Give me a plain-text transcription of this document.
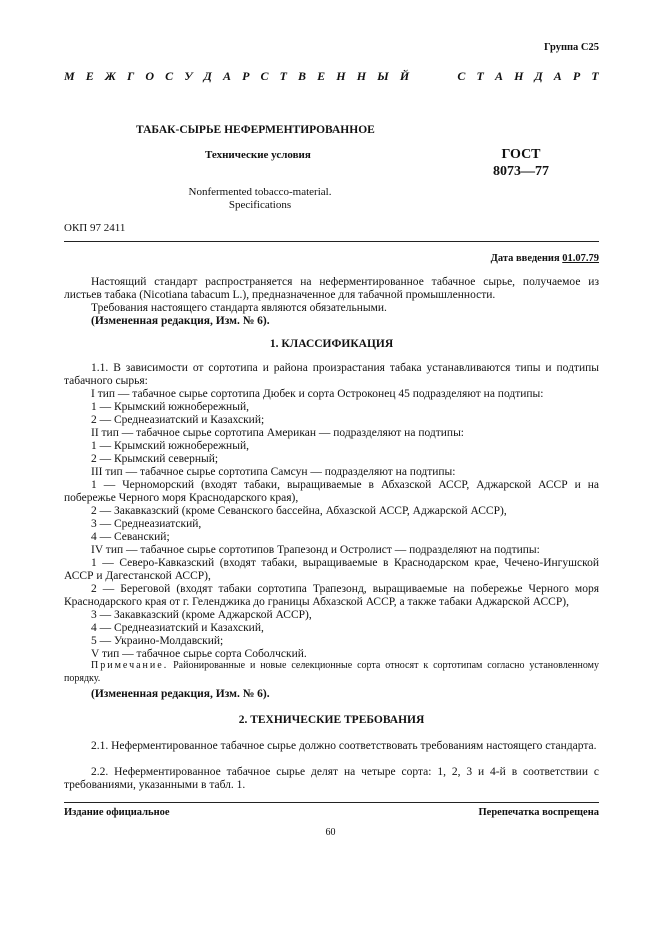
Группа С25
М Е Ж Г О С У Д А Р С Т В Е Н Н Ы Й	С Т А Н Д А Р Т
ТАБАК-СЫРЬЕ НЕФЕРМЕНТИРОВАННОЕ
Технические условия	ГОСТ
8073—77
Nonfermented tobacco-material.
Specifications
ОКП 97 2411
Дата введения 01.07.79
Настоящий стандарт распространяется на неферментированное табачное сырье, получаемое из листьев табака (Nicotiana tabacum L.), предназначенное для табачной промышленности.
Требования настоящего стандарта являются обязательными.
(Измененная редакция, Изм. № 6).
1. КЛАССИФИКАЦИЯ
1.1. В зависимости от сортотипа и района произрастания табака устанавливаются типы и подтипы табачного сырья:
I тип — табачное сырье сортотипа Дюбек и сорта Остроконец 45 подразделяют на подтипы:
1 — Крымский южнобережный,
2 — Среднеазиатский и Казахский;
II тип — табачное сырье сортотипа Американ — подразделяют на подтипы:
1 — Крымский южнобережный,
2 — Крымский северный;
III тип — табачное сырье сортотипа Самсун — подразделяют на подтипы:
1 — Черноморский (входят табаки, выращиваемые в Абхазской АССР, Аджарской АССР и на побережье Черного моря Краснодарского края),
2 — Закавказский (кроме Севанского бассейна, Абхазской АССР, Аджарской АССР),
3 — Среднеазиатский,
4 — Севанский;
IV тип — табачное сырье сортотипов Трапезонд и Остролист — подразделяют на подтипы:
1 — Северо-Кавказский (входят табаки, выращиваемые в Краснодарском крае, Чечено-Ингушской АССР и Дагестанской АССР),
2 — Береговой (входят табаки сортотипа Трапезонд, выращиваемые на побережье Черного моря Краснодарского края от г. Геленджика до границы Абхазской АССР, а также табаки Аджарской АССР),
3 — Закавказский (кроме Аджарской АССР),
4 — Среднеазиатский и Казахский,
5 — Украино-Молдавский;
V тип — табачное сырье сорта Соболчский.
Примечание. Районированные и новые селекционные сорта относят к сортотипам согласно установленному порядку.
(Измененная редакция, Изм. № 6).
2. ТЕХНИЧЕСКИЕ ТРЕБОВАНИЯ
2.1. Неферментированное табачное сырье должно соответствовать требованиям настоящего стандарта.
2.2. Неферментированное табачное сырье делят на четыре сорта: 1, 2, 3 и 4-й в соответствии с требованиями, указанными в табл. 1.
Издание официальное	Перепечатка воспрещена
60
